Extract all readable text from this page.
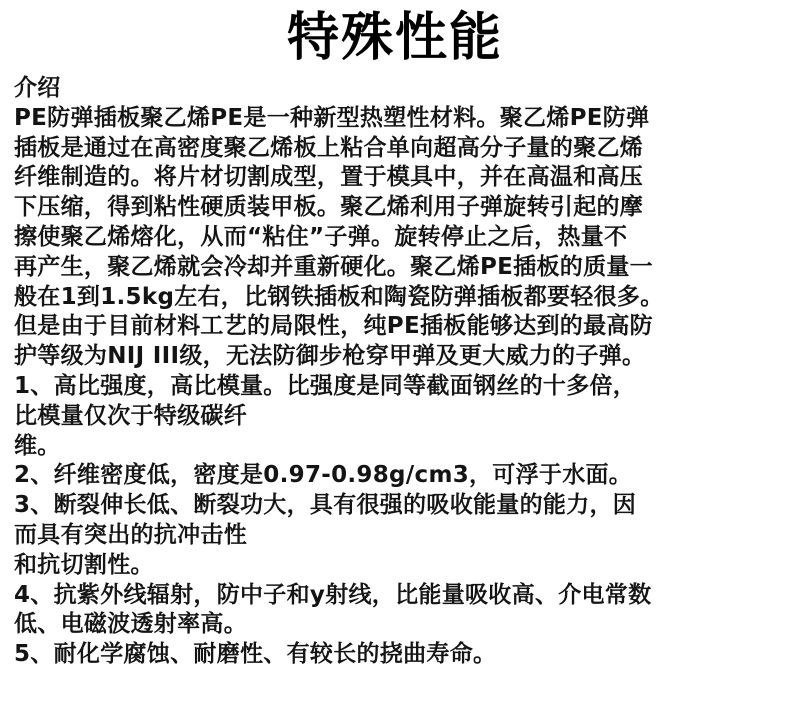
特殊性能
介绍
PE防弹插板聚乙烯PE是一种新型热塑性材料。聚乙烯PE防弹
插板是通过在高密度聚乙烯板上粘合单向超高分子量的聚乙烯
纤维制造的。将片材切割成型，置于模具中，并在高温和高压
下压缩，得到粘性硬质装甲板。聚乙烯利用子弹旋转引起的摩
擦使聚乙烯熔化，从而“粘住”子弹。旋转停止之后，热量不
再产生，聚乙烯就会冷却并重新硬化。聚乙烯PE插板的质量一
般在1到1.5kg左右，比钢铁插板和陶瓷防弹插板都要轻很多。
但是由于目前材料工艺的局限性，纯PE插板能够达到的最高防
护等级为NIJ III级，无法防御步枪穿甲弹及更大威力的子弹。
1、高比强度，高比模量。比强度是同等截面钢丝的十多倍，
比模量仅次于特级碳纤
维。
2、纤维密度低，密度是0.97-0.98g/cm3，可浮于水面。
3、断裂伸长低、断裂功大，具有很强的吸收能量的能力，因
而具有突出的抗冲击性
和抗切割性。
4、抗紫外线辐射，防中子和y射线，比能量吸收高、介电常数
低、电磁波透射率高。
5、耐化学腐蚀、耐磨性、有较长的挠曲寿命。
